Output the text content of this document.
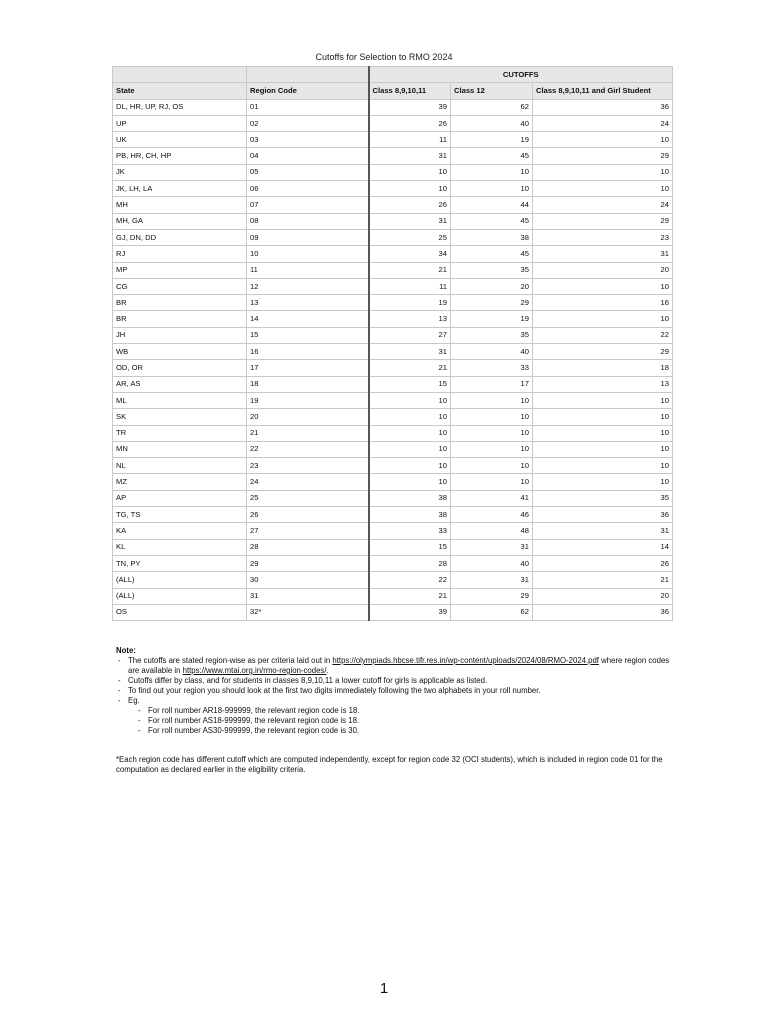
Cutoffs for Selection to RMO 2024
		CUTOFFS		
State	Region Code	Class 8,9,10,11	Class 12	Class 8,9,10,11 and Girl Student
DL, HR, UP, RJ, OS	01	39	62	36
UP	02	26	40	24
UK	03	11	19	10
PB, HR, CH, HP	04	31	45	29
JK	05	10	10	10
JK, LH, LA	06	10	10	10
MH	07	26	44	24
MH, GA	08	31	45	29
GJ, DN, DD	09	25	38	23
RJ	10	34	45	31
MP	11	21	35	20
CG	12	11	20	10
BR	13	19	29	16
BR	14	13	19	10
JH	15	27	35	22
WB	16	31	40	29
OD, OR	17	21	33	18
AR, AS	18	15	17	13
ML	19	10	10	10
SK	20	10	10	10
TR	21	10	10	10
MN	22	10	10	10
NL	23	10	10	10
MZ	24	10	10	10
AP	25	38	41	35
TG, TS	26	38	46	36
KA	27	33	48	31
KL	28	15	31	14
TN, PY	29	28	40	26
(ALL)	30	22	31	21
(ALL)	31	21	29	20
OS	32*	39	62	36
Note:
- The cutoffs are stated region-wise as per criteria laid out in https://olympiads.hbcse.tifr.res.in/wp-content/uploads/2024/08/RMO-2024.pdf where region codes are available in https://www.mtai.org.in/rmo-region-codes/.
- Cutoffs differ by class, and for students in classes 8,9,10,11 a lower cutoff for girls is applicable as listed.
- To find out your region you should look at the first two digits immediately following the two alphabets in your roll number.
- Eg.
- For roll number AR18-999999, the relevant region code is 18.
- For roll number AS18-999999, the relevant region code is 18.
- For roll number AS30-999999, the relevant region code is 30.
*Each region code has different cutoff which are computed independently, except for region code 32 (OCI students), which is included in region code 01 for the computation as declared earlier in the eligibility criteria.
1
